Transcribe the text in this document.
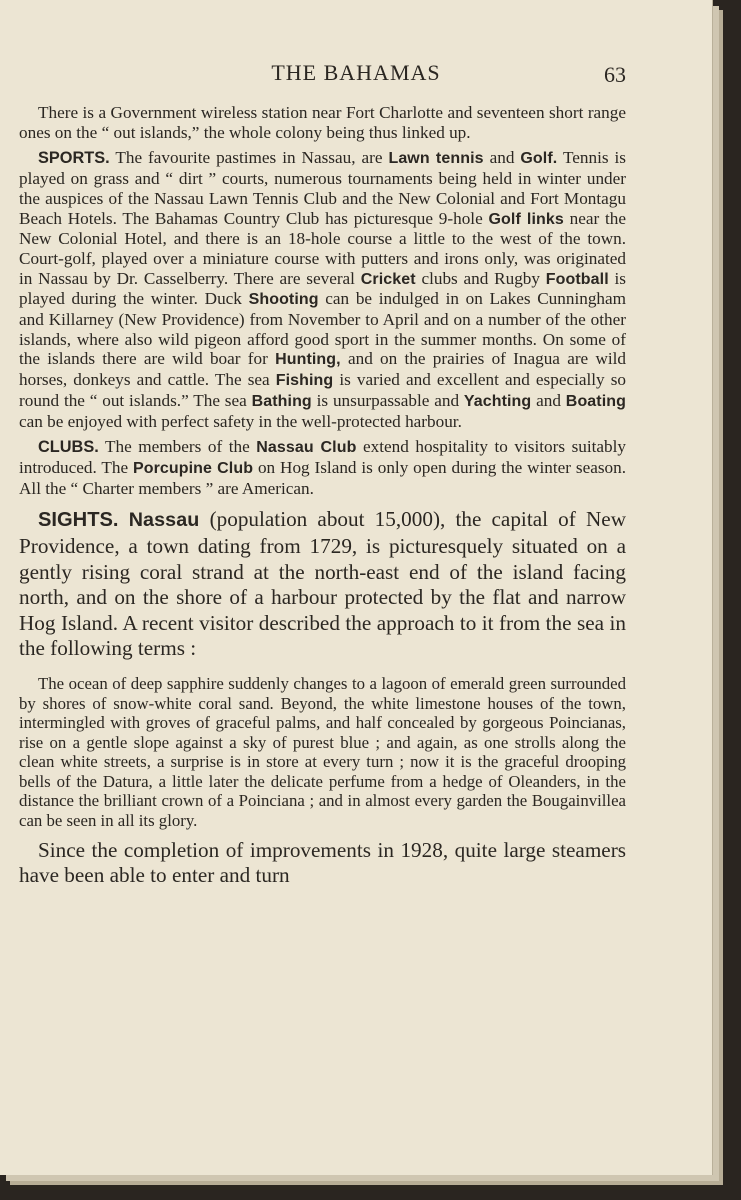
THE BAHAMAS	63

There is a Government wireless station near Fort Charlotte and seventeen short range ones on the “ out islands,” the whole colony being thus linked up.

SPORTS. The favourite pastimes in Nassau, are Lawn tennis and Golf. Tennis is played on grass and “ dirt ” courts, numerous tournaments being held in winter under the auspices of the Nassau Lawn Tennis Club and the New Colonial and Fort Montagu Beach Hotels. The Bahamas Country Club has picturesque 9-hole Golf links near the New Colonial Hotel, and there is an 18-hole course a little to the west of the town. Court-golf, played over a miniature course with putters and irons only, was originated in Nassau by Dr. Casselberry. There are several Cricket clubs and Rugby Football is played during the winter. Duck Shooting can be indulged in on Lakes Cunningham and Killarney (New Providence) from November to April and on a number of the other islands, where also wild pigeon afford good sport in the summer months. On some of the islands there are wild boar for Hunting, and on the prairies of Inagua are wild horses, donkeys and cattle. The sea Fishing is varied and excellent and especially so round the “ out islands.” The sea Bathing is unsurpassable and Yachting and Boating can be enjoyed with perfect safety in the well-protected harbour.

CLUBS. The members of the Nassau Club extend hospitality to visitors suitably introduced. The Porcupine Club on Hog Island is only open during the winter season. All the “ Charter members ” are American.

SIGHTS. Nassau (population about 15,000), the capital of New Providence, a town dating from 1729, is picturesquely situated on a gently rising coral strand at the north-east end of the island facing north, and on the shore of a harbour protected by the flat and narrow Hog Island. A recent visitor described the approach to it from the sea in the following terms :

The ocean of deep sapphire suddenly changes to a lagoon of emerald green surrounded by shores of snow-white coral sand. Beyond, the white limestone houses of the town, intermingled with groves of graceful palms, and half concealed by gorgeous Poincianas, rise on a gentle slope against a sky of purest blue ; and again, as one strolls along the clean white streets, a surprise is in store at every turn ; now it is the graceful drooping bells of the Datura, a little later the delicate perfume from a hedge of Oleanders, in the distance the brilliant crown of a Poinciana ; and in almost every garden the Bougainvillea can be seen in all its glory.

Since the completion of improvements in 1928, quite large steamers have been able to enter and turn
